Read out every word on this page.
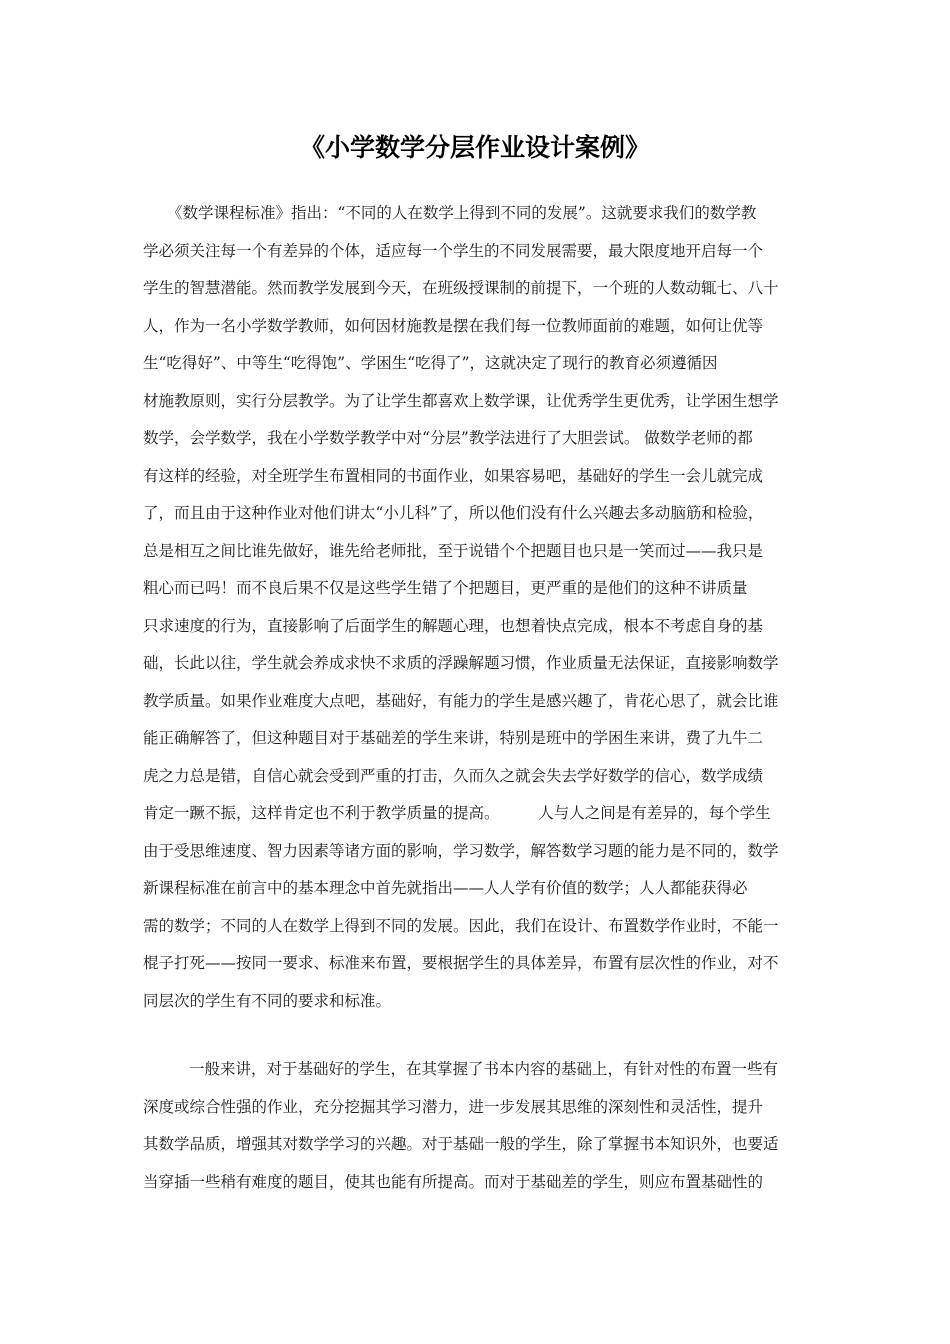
《小学数学分层作业设计案例》
《数学课程标准》指出：“不同的人在数学上得到不同的发展”。这就要求我们的数学教
学必须关注每一个有差异的个体，适应每一个学生的不同发展需要，最大限度地开启每一个
学生的智慧潜能。然而教学发展到今天，在班级授课制的前提下，一个班的人数动辄七、八十
人，作为一名小学数学教师，如何因材施教是摆在我们每一位教师面前的难题，如何让优等
生“吃得好”、中等生“吃得饱”、学困生“吃得了”，这就决定了现行的教育必须遵循因
材施教原则，实行分层教学。为了让学生都喜欢上数学课，让优秀学生更优秀，让学困生想学
数学，会学数学，我在小学数学教学中对“分层”教学法进行了大胆尝试。 做数学老师的都
有这样的经验，对全班学生布置相同的书面作业，如果容易吧，基础好的学生一会儿就完成
了，而且由于这种作业对他们讲太“小儿科”了，所以他们没有什么兴趣去多动脑筋和检验，
总是相互之间比谁先做好，谁先给老师批，至于说错个个把题目也只是一笑而过——我只是
粗心而已吗！而不良后果不仅是这些学生错了个把题目，更严重的是他们的这种不讲质量
只求速度的行为，直接影响了后面学生的解题心理，也想着快点完成，根本不考虑自身的基
础，长此以往，学生就会养成求快不求质的浮躁解题习惯，作业质量无法保证，直接影响数学
教学质量。如果作业难度大点吧，基础好，有能力的学生是感兴趣了，肯花心思了，就会比谁
能正确解答了，但这种题目对于基础差的学生来讲，特别是班中的学困生来讲，费了九牛二
虎之力总是错，自信心就会受到严重的打击，久而久之就会失去学好数学的信心，数学成绩
肯定一蹶不振，这样肯定也不利于教学质量的提高。　　　人与人之间是有差异的，每个学生
由于受思维速度、智力因素等诸方面的影响，学习数学，解答数学习题的能力是不同的，数学
新课程标准在前言中的基本理念中首先就指出——人人学有价值的数学；人人都能获得必
需的数学；不同的人在数学上得到不同的发展。因此，我们在设计、布置数学作业时，不能一
棍子打死——按同一要求、标准来布置，要根据学生的具体差异，布置有层次性的作业，对不
同层次的学生有不同的要求和标准。
一般来讲，对于基础好的学生，在其掌握了书本内容的基础上，有针对性的布置一些有
深度或综合性强的作业，充分挖掘其学习潜力，进一步发展其思维的深刻性和灵活性，提升
其数学品质，增强其对数学学习的兴趣。对于基础一般的学生，除了掌握书本知识外，也要适
当穿插一些稍有难度的题目，使其也能有所提高。而对于基础差的学生，则应布置基础性的
